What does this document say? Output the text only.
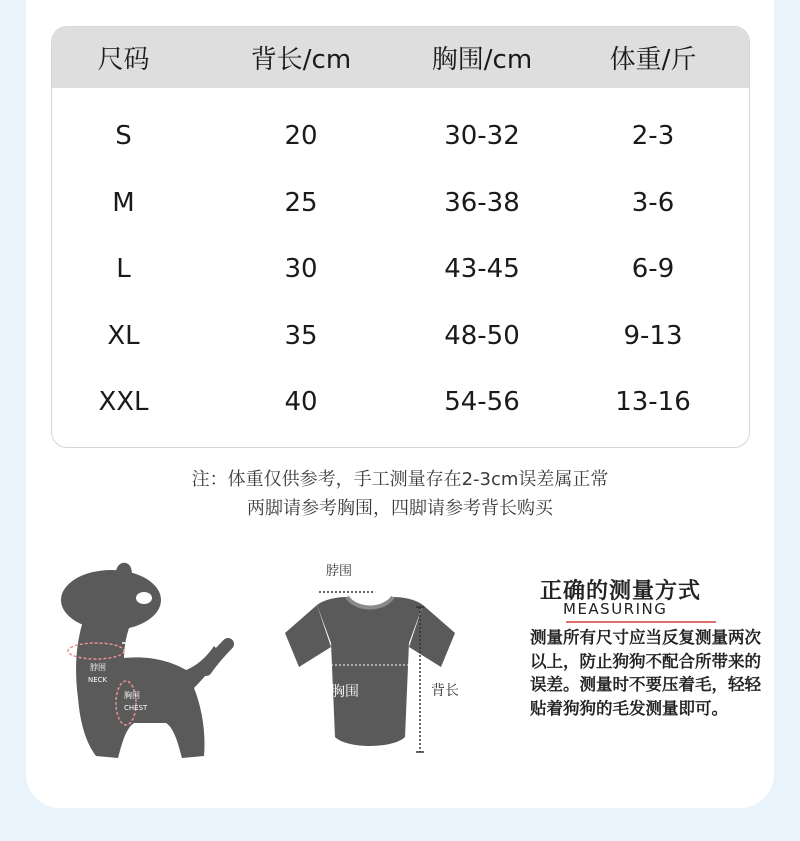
尺码	背长/cm	胸围/cm	体重/斤
S	20	30-32	2-3
M	25	36-38	3-6
L	30	43-45	6-9
XL	35	48-50	9-13
XXL	40	54-56	13-16
注：体重仅供参考，手工测量存在2-3cm误差属正常
两脚请参考胸围，四脚请参考背长购买
LENGTH背长
脖围
NECK
胸围
CHEST
脖围
胸围	背长
正确的测量方式
MEASURING
测量所有尺寸应当反复测量两次以上，防止狗狗不配合所带来的误差。测量时不要压着毛，轻轻贴着狗狗的毛发测量即可。
